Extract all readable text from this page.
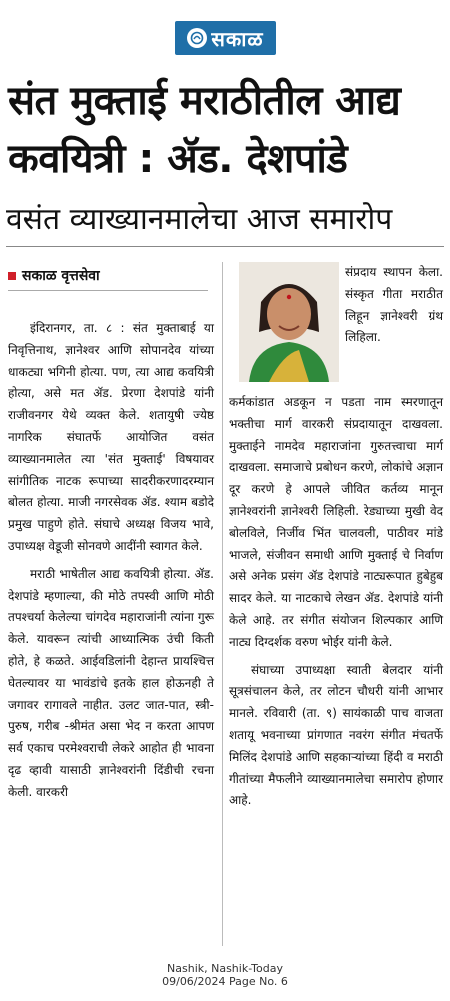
सकाळ
संत मुक्ताई मराठीतील आद्य कवयित्री : ॲड. देशपांडे
वसंत व्याख्यानमालेचा आज समारोप
सकाळ वृत्तसेवा

इंदिरानगर, ता. ८ : संत मुक्ताबाई या निवृत्तिनाथ, ज्ञानेश्वर आणि सोपानदेव यांच्या धाकट्या भगिनी होत्या. पण, त्या आद्य कवयित्री होत्या, असे मत ॲड. प्रेरणा देशपांडे यांनी राजीवनगर येथे व्यक्त केले. शतायुषी ज्येष्ठ नागरिक संघातर्फे आयोजित वसंत व्याख्यानमालेत त्या 'संत मुक्ताई' विषयावर सांगीतिक नाटक रूपाच्या सादरीकरणादरम्यान बोलत होत्या. माजी नगरसेवक ॲड. श्याम बडोदे प्रमुख पाहुणे होते. संघाचे अध्यक्ष विजय भावे, उपाध्यक्ष वेडूजी सोनवणे आदींनी स्वागत केले.

मराठी भाषेतील आद्य कवयित्री होत्या. ॲड. देशपांडे म्हणाल्या, की मोठे तपस्वी आणि मोठी तपश्चर्या केलेल्या चांगदेव महाराजांनी त्यांना गुरू केले. यावरून त्यांची आध्यात्मिक उंची किती होते, हे कळते. आईवडिलांनी देहान्त प्रायश्चित्त घेतल्यावर या भावंडांचे इतके हाल होऊनही ते जगावर रागावले नाहीत. उलट जात-पात, स्त्री-पुरुष, गरीब -श्रीमंत असा भेद न करता आपण सर्व एकाच परमेश्वराची लेकरे आहोत ही भावना दृढ व्हावी यासाठी ज्ञानेश्वरांनी दिंडीची रचना केली. वारकरी

संप्रदाय स्थापन केला. संस्कृत गीता मराठीत लिहून ज्ञानेश्वरी ग्रंथ लिहिला.

कर्मकांडात अडकून न पडता नाम स्मरणातून भक्तीचा मार्ग वारकरी संप्रदायातून दाखवला. मुक्ताईने नामदेव महाराजांना गुरुतत्त्वाचा मार्ग दाखवला. समाजाचे प्रबोधन करणे, लोकांचे अज्ञान दूर करणे हे आपले जीवित कर्तव्य मानून ज्ञानेश्वरांनी ज्ञानेश्वरी लिहिली. रेड्याच्या मुखी वेद बोलविले, निर्जीव भिंत चालवली, पाठीवर मांडे भाजले, संजीवन समाधी आणि मुक्ताई चे निर्वाण असे अनेक प्रसंग ॲड देशपांडे नाट्यरूपात हुबेहुब सादर केले. या नाटकाचे लेखन ॲड. देशपांडे यांनी केले आहे. तर संगीत संयोजन शिल्पकार आणि नाट्य दिग्दर्शक वरुण भोईर यांनी केले.

संघाच्या उपाध्यक्षा स्वाती बेलदार यांनी सूत्रसंचालन केले, तर लोटन चौधरी यांनी आभार मानले. रविवारी (ता. ९) सायंकाळी पाच वाजता शतायू भवनाच्या प्रांगणात नवरंग संगीत मंचतर्फे मिलिंद देशपांडे आणि सहकाऱ्यांच्या हिंदी व मराठी गीतांच्या मैफलीने व्याख्यानमालेचा समारोप होणार आहे.

Nashik, Nashik-Today
09/06/2024 Page No. 6
